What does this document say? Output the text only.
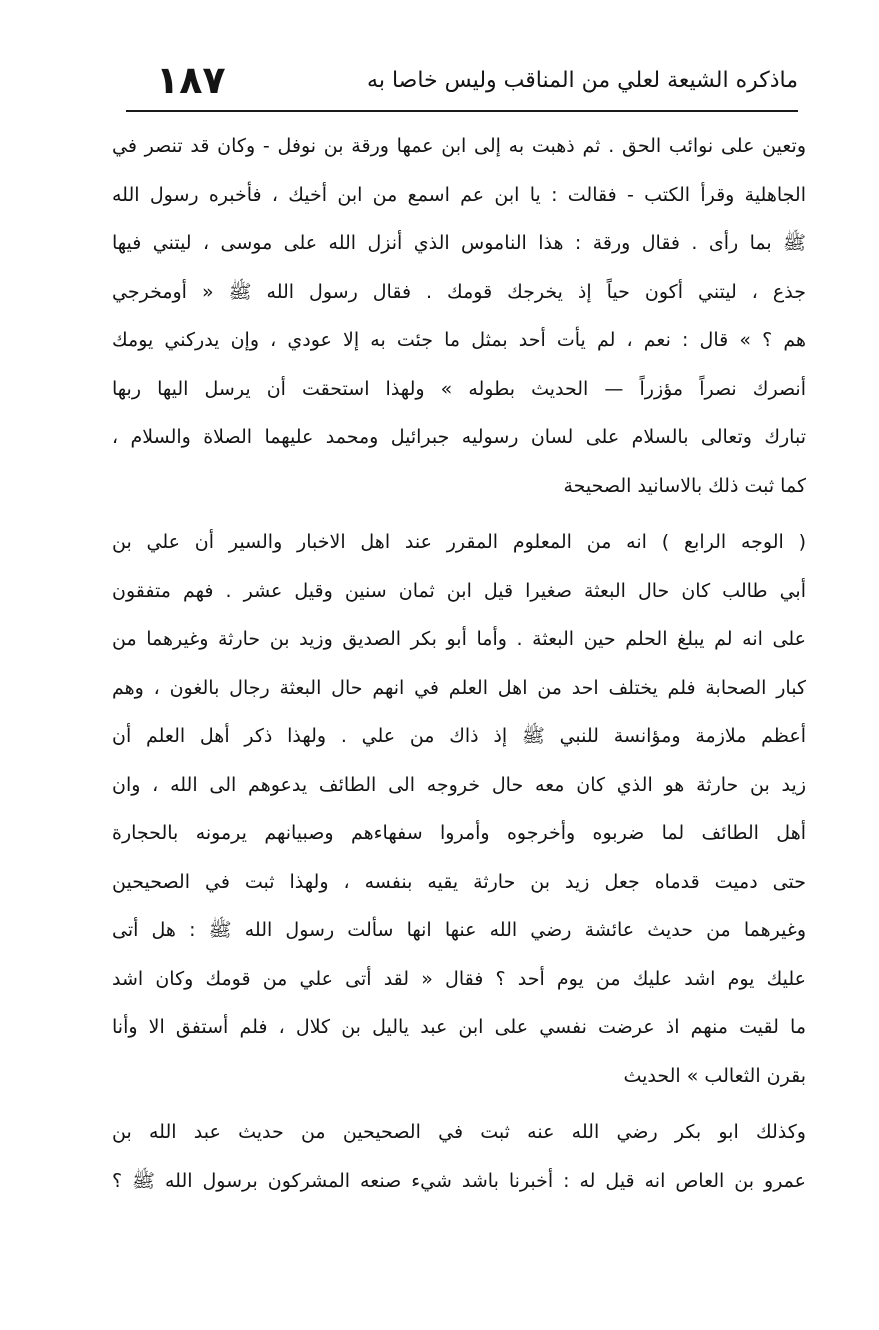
١٨٧	ماذكره الشيعة لعلي من المناقب وليس خاصا به
وتعين على نوائب الحق . ثم ذهبت به إلى ابن عمها ورقة بن نوفل - وكان قد تنصر في
الجاهلية وقرأ الكتب - فقالت : يا ابن عم اسمع من ابن أخيك ، فأخبره رسول الله
ﷺ بما رأى . فقال ورقة : هذا الناموس الذي أنزل الله على موسى ، ليتني فيها
جذع ، ليتني أكون حياً إذ يخرجك قومك . فقال رسول الله ﷺ « أومخرجي
هم ؟ » قال : نعم ، لم يأت أحد بمثل ما جئت به إلا عودي ، وإن يدركني يومك
أنصرك نصراً مؤزراً — الحديث بطوله » ولهذا استحقت أن يرسل اليها ربها
تبارك وتعالى بالسلام على لسان رسوليه جبرائيل ومحمد عليهما الصلاة والسلام ،
كما ثبت ذلك بالاسانيد الصحيحة
( الوجه الرابع ) انه من المعلوم المقرر عند اهل الاخبار والسير أن علي بن
أبي طالب كان حال البعثة صغيرا قيل ابن ثمان سنين وقيل عشر . فهم متفقون
على انه لم يبلغ الحلم حين البعثة . وأما أبو بكر الصديق وزيد بن حارثة وغيرهما من
كبار الصحابة فلم يختلف احد من اهل العلم في انهم حال البعثة رجال بالغون ، وهم
أعظم ملازمة ومؤانسة للنبي ﷺ إذ ذاك من علي . ولهذا ذكر أهل العلم أن
زيد بن حارثة هو الذي كان معه حال خروجه الى الطائف يدعوهم الى الله ، وان
أهل الطائف لما ضربوه وأخرجوه وأمروا سفهاءهم وصبيانهم يرمونه بالحجارة
حتى دميت قدماه جعل زيد بن حارثة يقيه بنفسه ، ولهذا ثبت في الصحيحين
وغيرهما من حديث عائشة رضي الله عنها انها سألت رسول الله ﷺ : هل أتى
عليك يوم اشد عليك من يوم أحد ؟ فقال « لقد أتى علي من قومك وكان اشد
ما لقيت منهم اذ عرضت نفسي على ابن عبد ياليل بن كلال ، فلم أستفق الا وأنا
بقرن الثعالب » الحديث
وكذلك ابو بكر رضي الله عنه ثبت في الصحيحين من حديث عبد الله بن
عمرو بن العاص انه قيل له : أخبرنا باشد شيء صنعه المشركون برسول الله ﷺ ؟
